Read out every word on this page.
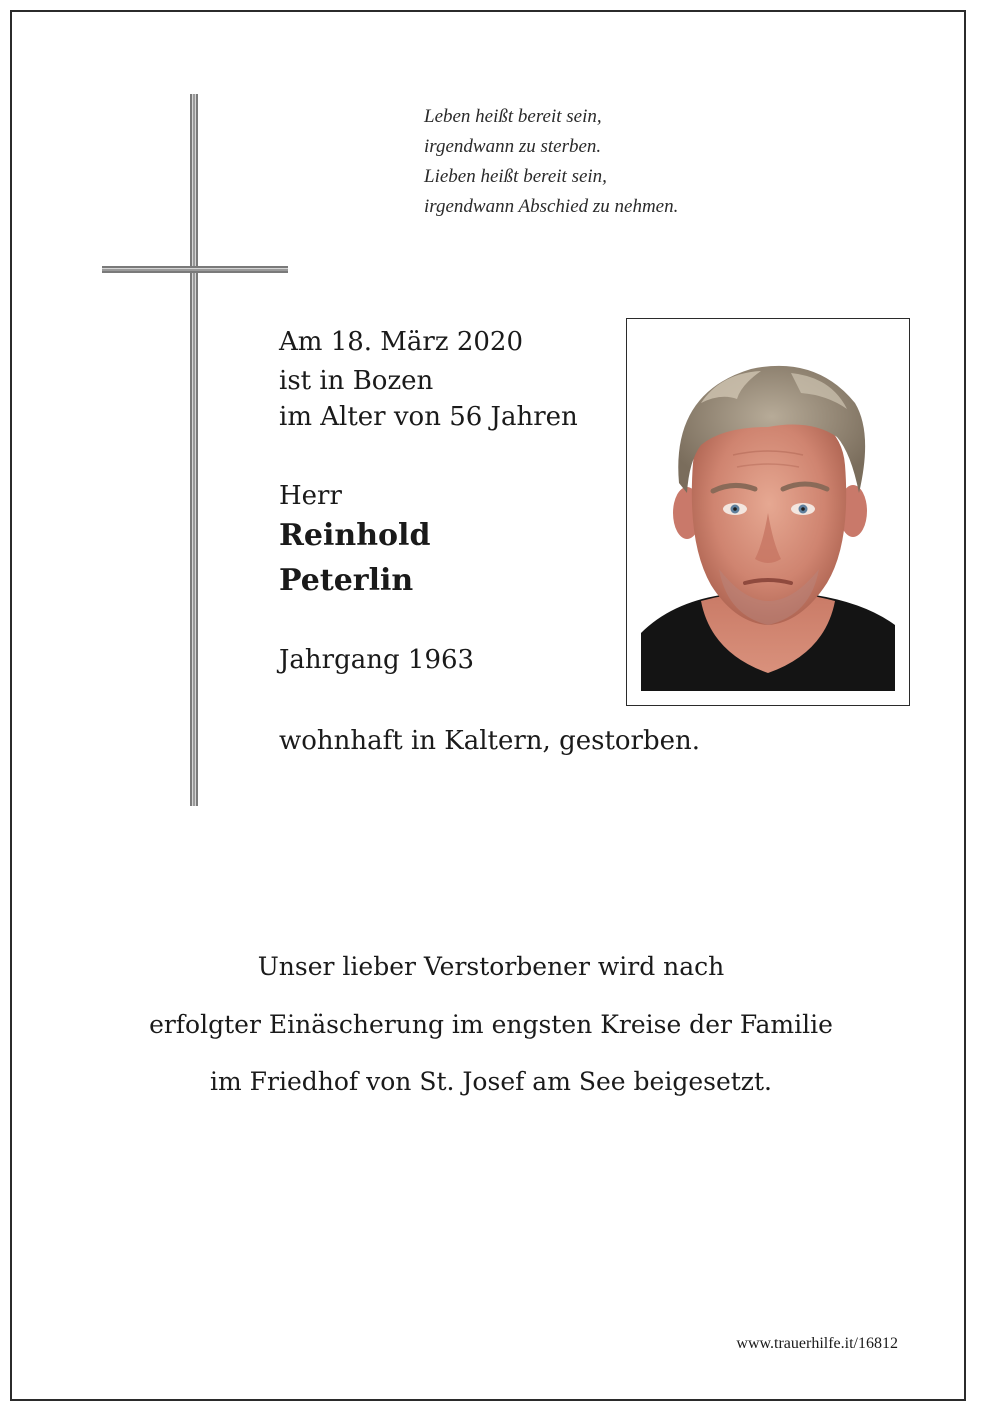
Leben heißt bereit sein,
irgendwann zu sterben.
Lieben heißt bereit sein,
irgendwann Abschied zu nehmen.
Am 18. März 2020
ist in Bozen
im Alter von 56 Jahren
Herr
Reinhold
Peterlin
Jahrgang 1963
wohnhaft in Kaltern, gestorben.
Unser lieber Verstorbener wird nach
erfolgter Einäscherung im engsten Kreise der Familie
im Friedhof von St. Josef am See beigesetzt.
www.trauerhilfe.it/16812
